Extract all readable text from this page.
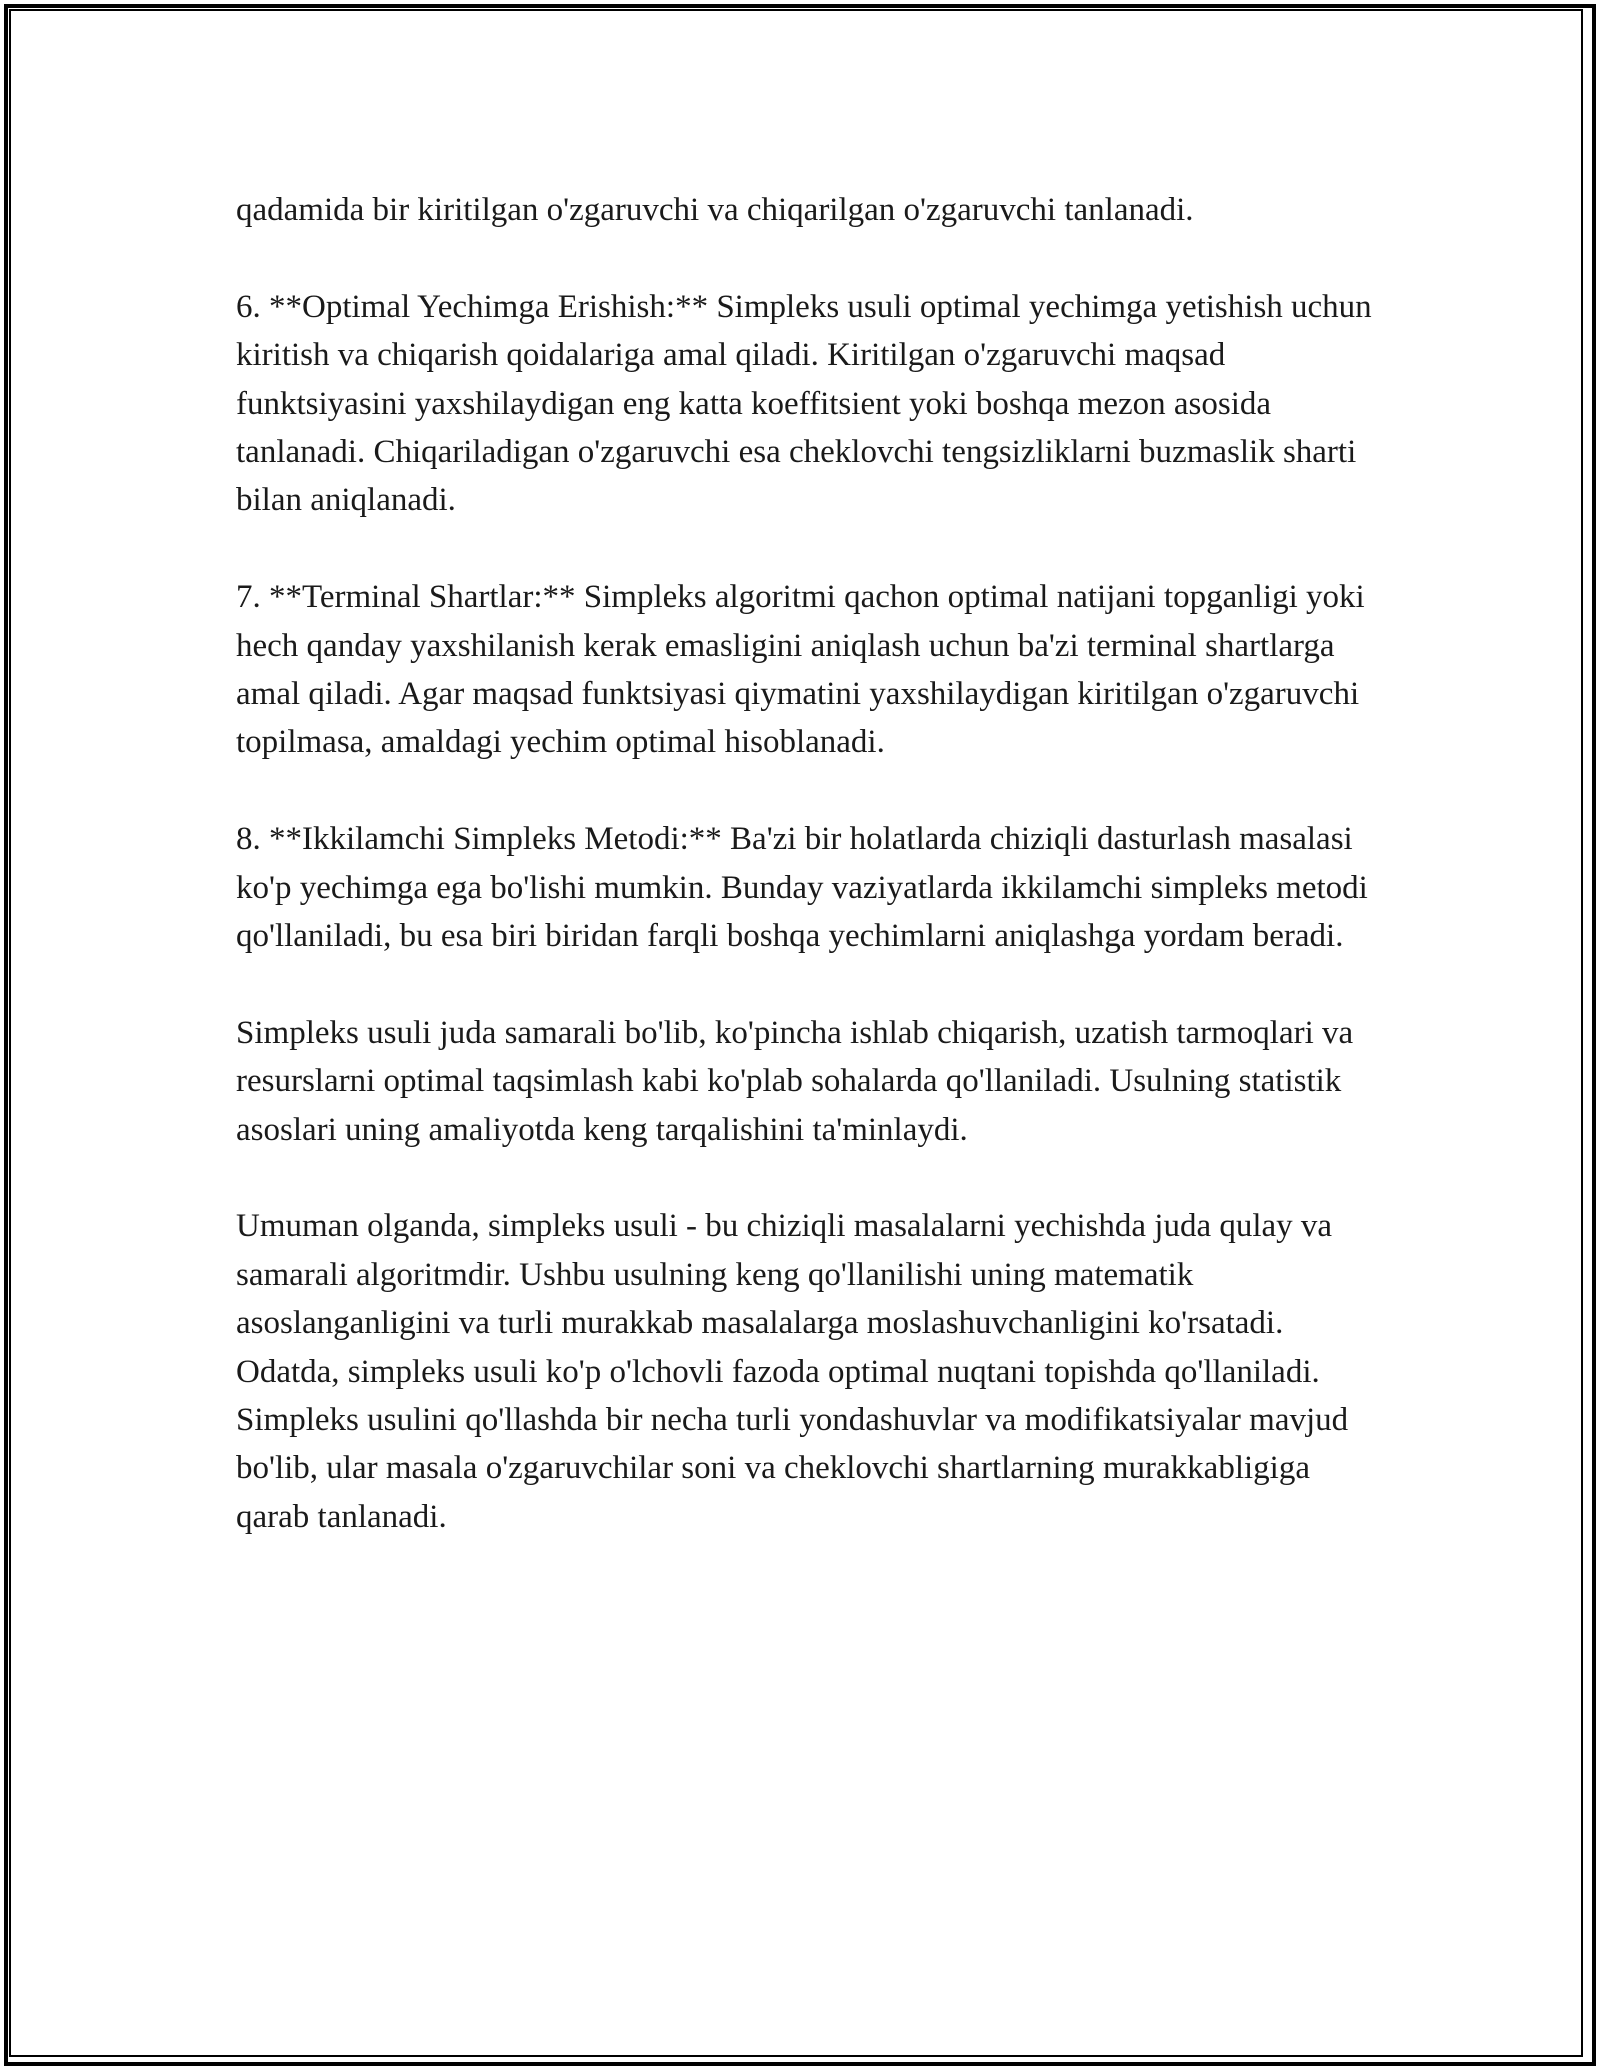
qadamida bir kiritilgan o'zgaruvchi va chiqarilgan o'zgaruvchi tanlanadi.

6. **Optimal Yechimga Erishish:** Simpleks usuli optimal yechimga yetishish uchun kiritish va chiqarish qoidalariga amal qiladi. Kiritilgan o'zgaruvchi maqsad funktsiyasini yaxshilaydigan eng katta koeffitsient yoki boshqa mezon asosida tanlanadi. Chiqariladigan o'zgaruvchi esa cheklovchi tengsizliklarni buzmaslik sharti bilan aniqlanadi.

7. **Terminal Shartlar:** Simpleks algoritmi qachon optimal natijani topganligi yoki hech qanday yaxshilanish kerak emasligini aniqlash uchun ba'zi terminal shartlarga amal qiladi. Agar maqsad funktsiyasi qiymatini yaxshilaydigan kiritilgan o'zgaruvchi topilmasa, amaldagi yechim optimal hisoblanadi.

8. **Ikkilamchi Simpleks Metodi:** Ba'zi bir holatlarda chiziqli dasturlash masalasi ko'p yechimga ega bo'lishi mumkin. Bunday vaziyatlarda ikkilamchi simpleks metodi qo'llaniladi, bu esa biri biridan farqli boshqa yechimlarni aniqlashga yordam beradi.

Simpleks usuli juda samarali bo'lib, ko'pincha ishlab chiqarish, uzatish tarmoqlari va resurslarni optimal taqsimlash kabi ko'plab sohalarda qo'llaniladi. Usulning statistik asoslari uning amaliyotda keng tarqalishini ta'minlaydi.

Umuman olganda, simpleks usuli - bu chiziqli masalalarni yechishda juda qulay va samarali algoritmdir. Ushbu usulning keng qo'llanilishi uning matematik asoslanganligini va turli murakkab masalalarga moslashuvchanligini ko'rsatadi. Odatda, simpleks usuli ko'p o'lchovli fazoda optimal nuqtani topishda qo'llaniladi. Simpleks usulini qo'llashda bir necha turli yondashuvlar va modifikatsiyalar mavjud bo'lib, ular masala o'zgaruvchilar soni va cheklovchi shartlarning murakkabligiga qarab tanlanadi.
